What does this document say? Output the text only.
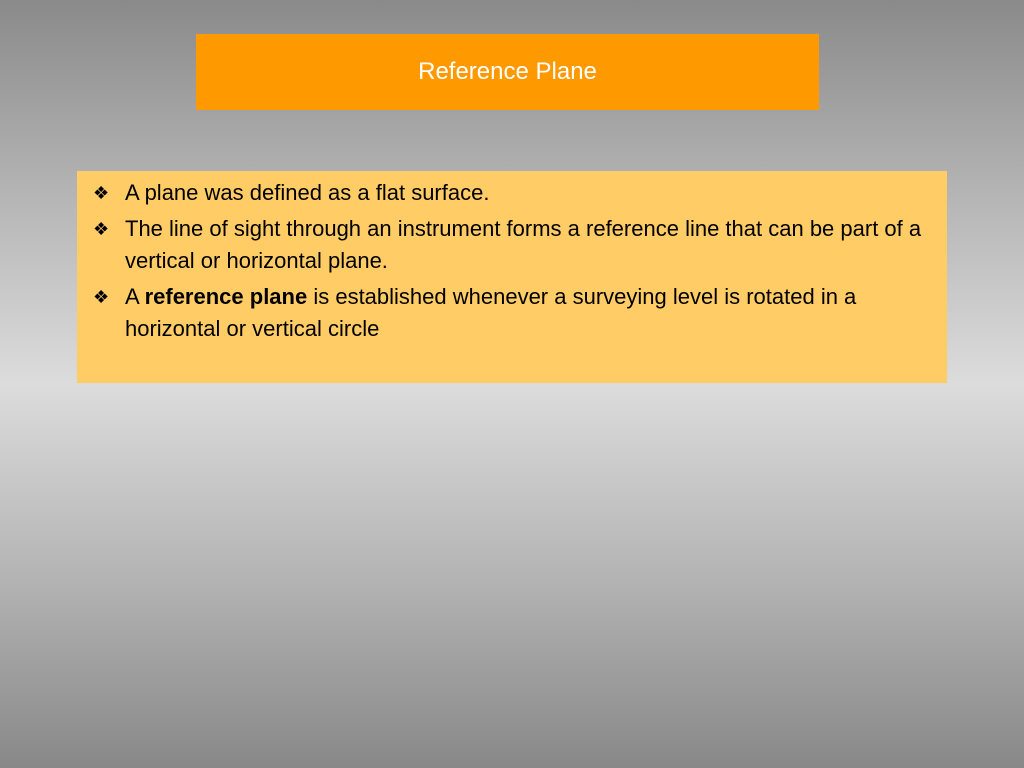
Reference Plane
❖ A plane was defined as a flat surface.
❖ The line of sight through an instrument forms a reference line that can be part of a vertical or horizontal plane.
❖ A reference plane is established whenever a surveying level is rotated in a horizontal or vertical circle
